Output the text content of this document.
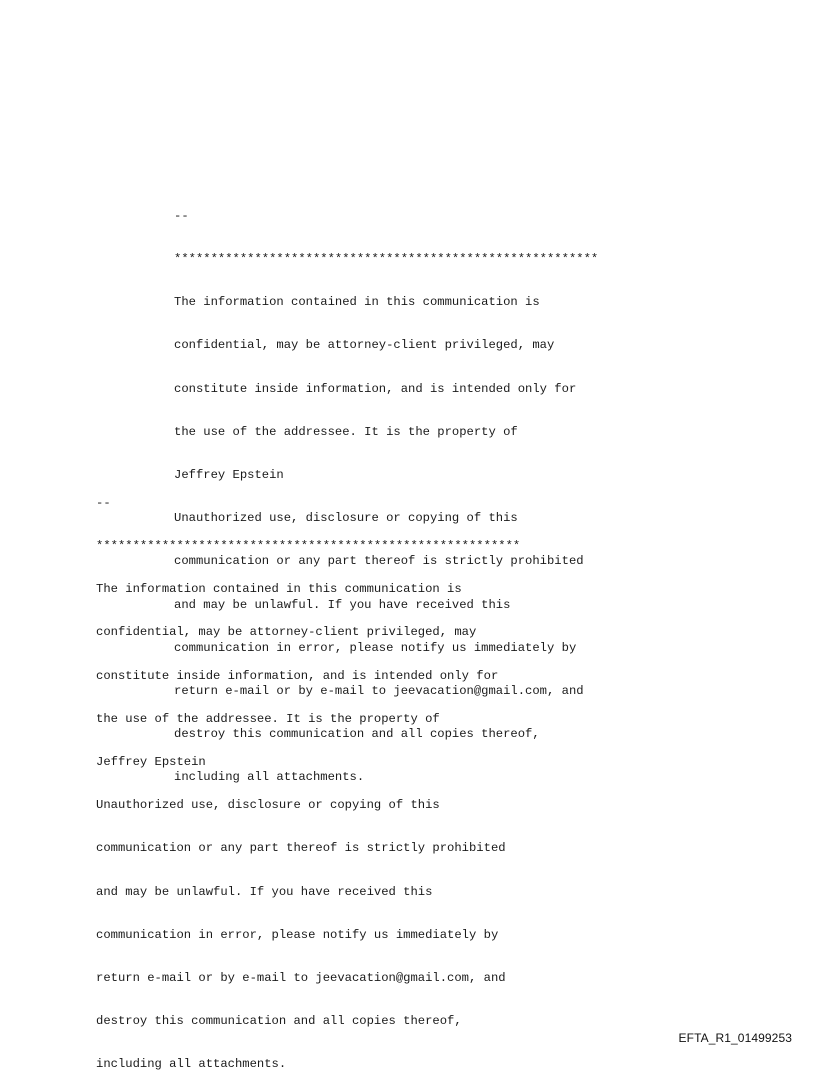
--

**********************************************************

The information contained in this communication is

confidential, may be attorney-client privileged, may

constitute inside information, and is intended only for

the use of the addressee. It is the property of

Jeffrey Epstein

Unauthorized use, disclosure or copying of this

communication or any part thereof is strictly prohibited

and may be unlawful. If you have received this

communication in error, please notify us immediately by

return e-mail or by e-mail to jeevacation@gmail.com, and

destroy this communication and all copies thereof,

including all attachments.

--

**********************************************************

The information contained in this communication is

confidential, may be attorney-client privileged, may

constitute inside information, and is intended only for

the use of the addressee. It is the property of

Jeffrey Epstein

Unauthorized use, disclosure or copying of this

communication or any part thereof is strictly prohibited

and may be unlawful. If you have received this

communication in error, please notify us immediately by

return e-mail or by e-mail to jeevacation@gmail.com, and

destroy this communication and all copies thereof,

including all attachments.

EFTA_R1_01499253
